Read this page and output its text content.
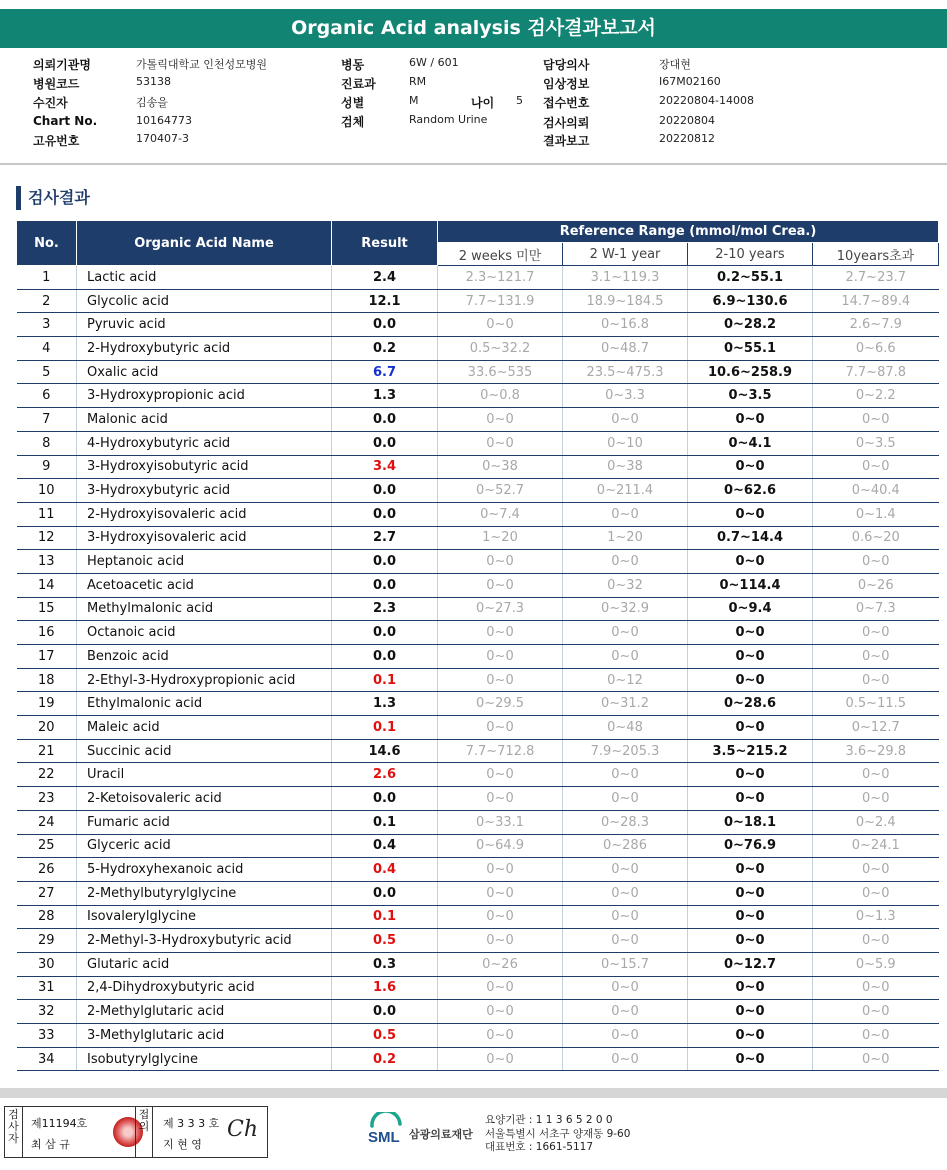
Organic Acid analysis 검사결과보고서
의뢰기관명	가톨릭대학교 인천성모병원
병원코드	53138
수진자	김송을
Chart No.	10164773
고유번호	170407-3
병동	6W / 601
진료과	RM
성별	M	나이 5
검체	Random Urine
담당의사	장대현
임상정보	I67M02160
접수번호	20220804-14008
검사의뢰	20220804
결과보고	20220812
검사결과
No.	Organic Acid Name	Result	Reference Range (mmol/mol Crea.)			
			2 weeks 미만	2 W-1 year	2-10 years	10years초과
1	Lactic acid	2.4	2.3~121.7	3.1~119.3	0.2~55.1	2.7~23.7
2	Glycolic acid	12.1	7.7~131.9	18.9~184.5	6.9~130.6	14.7~89.4
3	Pyruvic acid	0.0	0~0	0~16.8	0~28.2	2.6~7.9
4	2-Hydroxybutyric acid	0.2	0.5~32.2	0~48.7	0~55.1	0~6.6
5	Oxalic acid	6.7	33.6~535	23.5~475.3	10.6~258.9	7.7~87.8
6	3-Hydroxypropionic acid	1.3	0~0.8	0~3.3	0~3.5	0~2.2
7	Malonic acid	0.0	0~0	0~0	0~0	0~0
8	4-Hydroxybutyric acid	0.0	0~0	0~10	0~4.1	0~3.5
9	3-Hydroxyisobutyric acid	3.4	0~38	0~38	0~0	0~0
10	3-Hydroxybutyric acid	0.0	0~52.7	0~211.4	0~62.6	0~40.4
11	2-Hydroxyisovaleric acid	0.0	0~7.4	0~0	0~0	0~1.4
12	3-Hydroxyisovaleric acid	2.7	1~20	1~20	0.7~14.4	0.6~20
13	Heptanoic acid	0.0	0~0	0~0	0~0	0~0
14	Acetoacetic acid	0.0	0~0	0~32	0~114.4	0~26
15	Methylmalonic acid	2.3	0~27.3	0~32.9	0~9.4	0~7.3
16	Octanoic acid	0.0	0~0	0~0	0~0	0~0
17	Benzoic acid	0.0	0~0	0~0	0~0	0~0
18	2-Ethyl-3-Hydroxypropionic acid	0.1	0~0	0~12	0~0	0~0
19	Ethylmalonic acid	1.3	0~29.5	0~31.2	0~28.6	0.5~11.5
20	Maleic acid	0.1	0~0	0~48	0~0	0~12.7
21	Succinic acid	14.6	7.7~712.8	7.9~205.3	3.5~215.2	3.6~29.8
22	Uracil	2.6	0~0	0~0	0~0	0~0
23	2-Ketoisovaleric acid	0.0	0~0	0~0	0~0	0~0
24	Fumaric acid	0.1	0~33.1	0~28.3	0~18.1	0~2.4
25	Glyceric acid	0.4	0~64.9	0~286	0~76.9	0~24.1
26	5-Hydroxyhexanoic acid	0.4	0~0	0~0	0~0	0~0
27	2-Methylbutyrylglycine	0.0	0~0	0~0	0~0	0~0
28	Isovalerylglycine	0.1	0~0	0~0	0~0	0~1.3
29	2-Methyl-3-Hydroxybutyric acid	0.5	0~0	0~0	0~0	0~0
30	Glutaric acid	0.3	0~26	0~15.7	0~12.7	0~5.9
31	2,4-Dihydroxybutyric acid	1.6	0~0	0~0	0~0	0~0
32	2-Methylglutaric acid	0.0	0~0	0~0	0~0	0~0
33	3-Methylglutaric acid	0.5	0~0	0~0	0~0	0~0
34	Isobutyrylglycine	0.2	0~0	0~0	0~0	0~0
검사자
제11194호
최 삼 규
접의	제 3 3 3 호
지 현 영
Ch	SML 삼광의료재단
요양기관 : 1 1 3 6 5 2 0 0
서울특별시 서초구 양재동 9-60
대표번호 : 1661-5117
